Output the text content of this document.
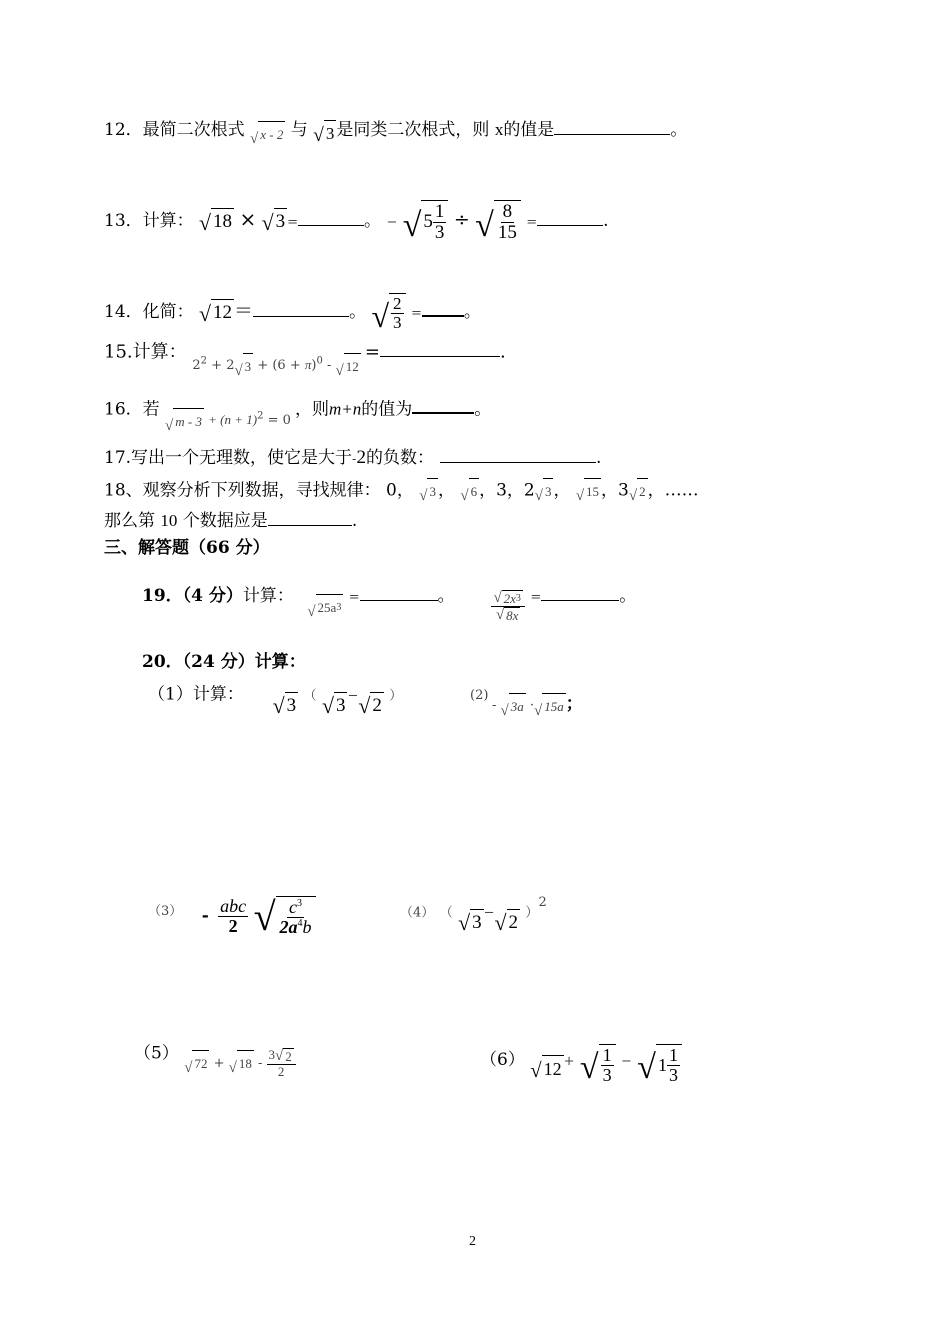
12．最简二次根式 √ x - 2 与 √ 3 是同类二次根式，则 x的值是	。
13．计算： √ 18 × √ 3 =	。 − √ $5 \frac{1}{3}$ ÷ √ $\frac{8}{15}$ =	.
14．化简： √ 12 ＝	。 √ $\frac{2}{3}$ = 。
15.计算： $_{2^2 + 2 √ 3 + (6 + \pi)^0 - √ 12}$
=	.
16．若
$_{√ m - 3 + (n + 1)^2 = 0}$ ，则m+n的值为	。
17.写出一个无理数，使它是大于-2的负数：	.
18、观察分析下列数据，寻找规律： 0， √ 3 ， √ 6 ，3，2 √ 3 ， √ 15 ，3 √ 2 ，……
那么第 10 个数据应是	.
三、解答题（66 分）
19．（4 分）计算：
$_{√ 25a 3}$
=	。 $\frac{√ 2x 3}{√ 8x}$ =	。
20．（24 分）计算：
（1）计算： √ 3 （ √ 3 − √ 2 ）	(2)

- √ 3a · √ 15a ；
$(3) - \frac{\text{abc}}{2}$
√ $\frac{c^3}{2a^4b}$	（4） （ √ 3 − √ 2 ）$^2$
（5）
$_{√ 72 + √ 18 - \frac{3 √ 2}{2}}$	（6） √ 12 + √ $\frac{1}{3}$ − √ $1 \frac{1}{3}$
2
